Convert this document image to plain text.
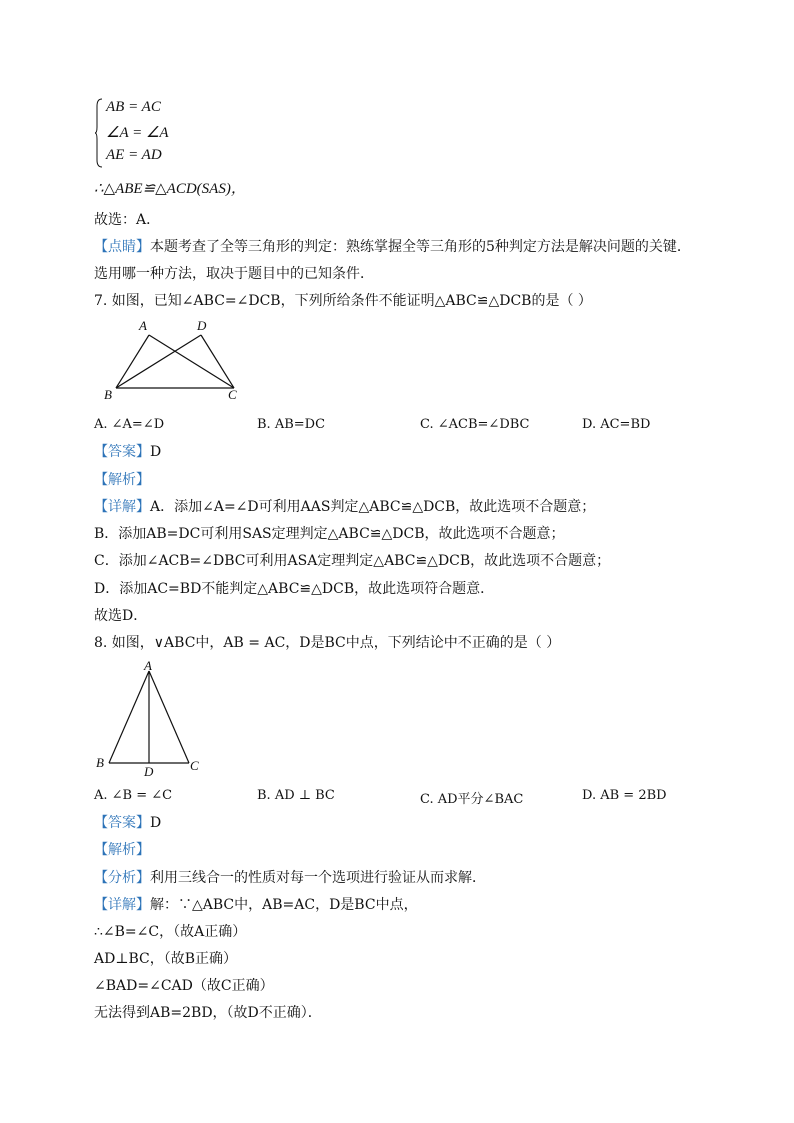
AB = AC
∠A = ∠A
AE = AD
∴△ABE≌△ACD(SAS)，
故选：A．
【点睛】本题考查了全等三角形的判定：熟练掌握全等三角形的5种判定方法是解决问题的关键．
选用哪一种方法，取决于题目中的已知条件．
7. 如图，已知∠ABC=∠DCB，下列所给条件不能证明△ABC≌△DCB的是（ ）
A	D
B	C
A. ∠A=∠D	B. AB=DC	C. ∠ACB=∠DBC	D. AC=BD
【答案】D
【解析】
【详解】A．添加∠A=∠D可利用AAS判定△ABC≌△DCB，故此选项不合题意；
B．添加AB=DC可利用SAS定理判定△ABC≌△DCB，故此选项不合题意；
C．添加∠ACB=∠DBC可利用ASA定理判定△ABC≌△DCB，故此选项不合题意；
D．添加AC=BD不能判定△ABC≌△DCB，故此选项符合题意．
故选D．
8. 如图，∨ABC中，AB = AC，D是BC中点，下列结论中不正确的是（ ）
A
B
D	C
A. ∠B = ∠C	B. AD ⊥ BC	C. AD平分∠BAC	D. AB = 2BD
【答案】D
【解析】
【分析】利用三线合一的性质对每一个选项进行验证从而求解．
【详解】解：∵△ABC中，AB=AC，D是BC中点，
∴∠B=∠C，（故A正确）
AD⊥BC，（故B正确）
∠BAD=∠CAD（故C正确）
无法得到AB=2BD，（故D不正确）．
